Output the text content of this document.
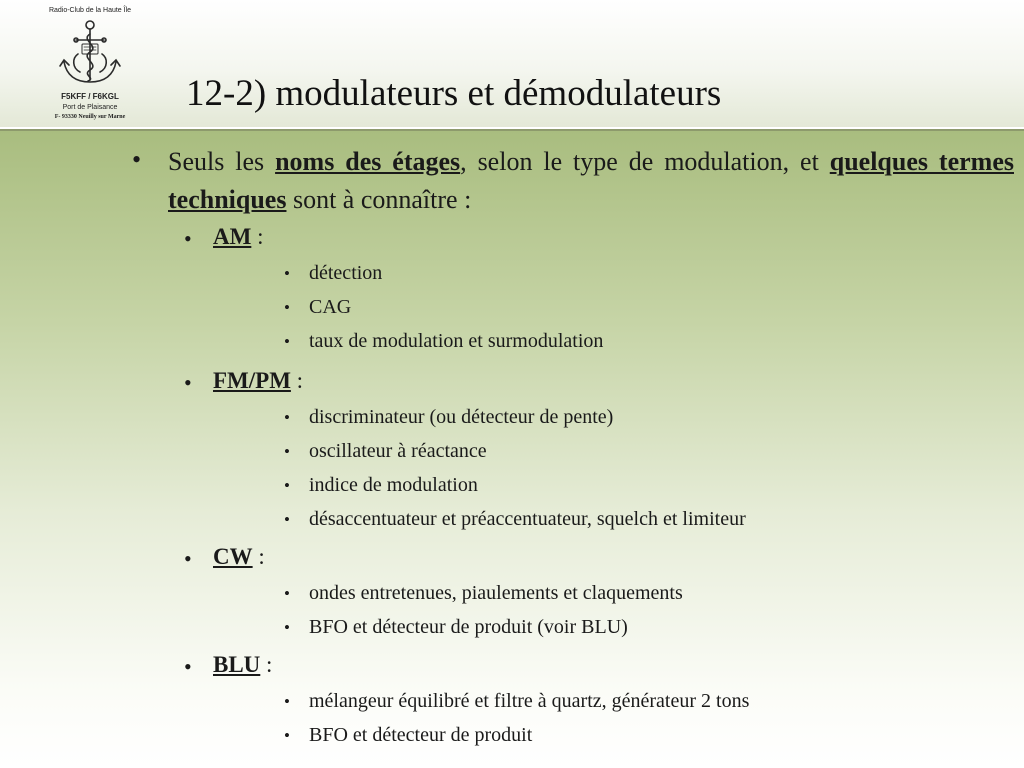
Radio-Club de la Haute Île
F5KFF / F6KGL
Port de Plaisance
F- 93330 Neuilly sur Marne
12-2) modulateurs et démodulateurs
• Seuls les noms des étages, selon le type de modulation, et quelques termes techniques sont à connaître :
• AM :
• détection
• CAG
• taux de modulation et surmodulation
• FM/PM :
• discriminateur (ou détecteur de pente)
• oscillateur à réactance
• indice de modulation
• désaccentuateur et préaccentuateur, squelch et limiteur
• CW :
• ondes entretenues, piaulements et claquements
• BFO et détecteur de produit (voir BLU)
• BLU :
• mélangeur équilibré et filtre à quartz, générateur 2 tons
• BFO et détecteur de produit
